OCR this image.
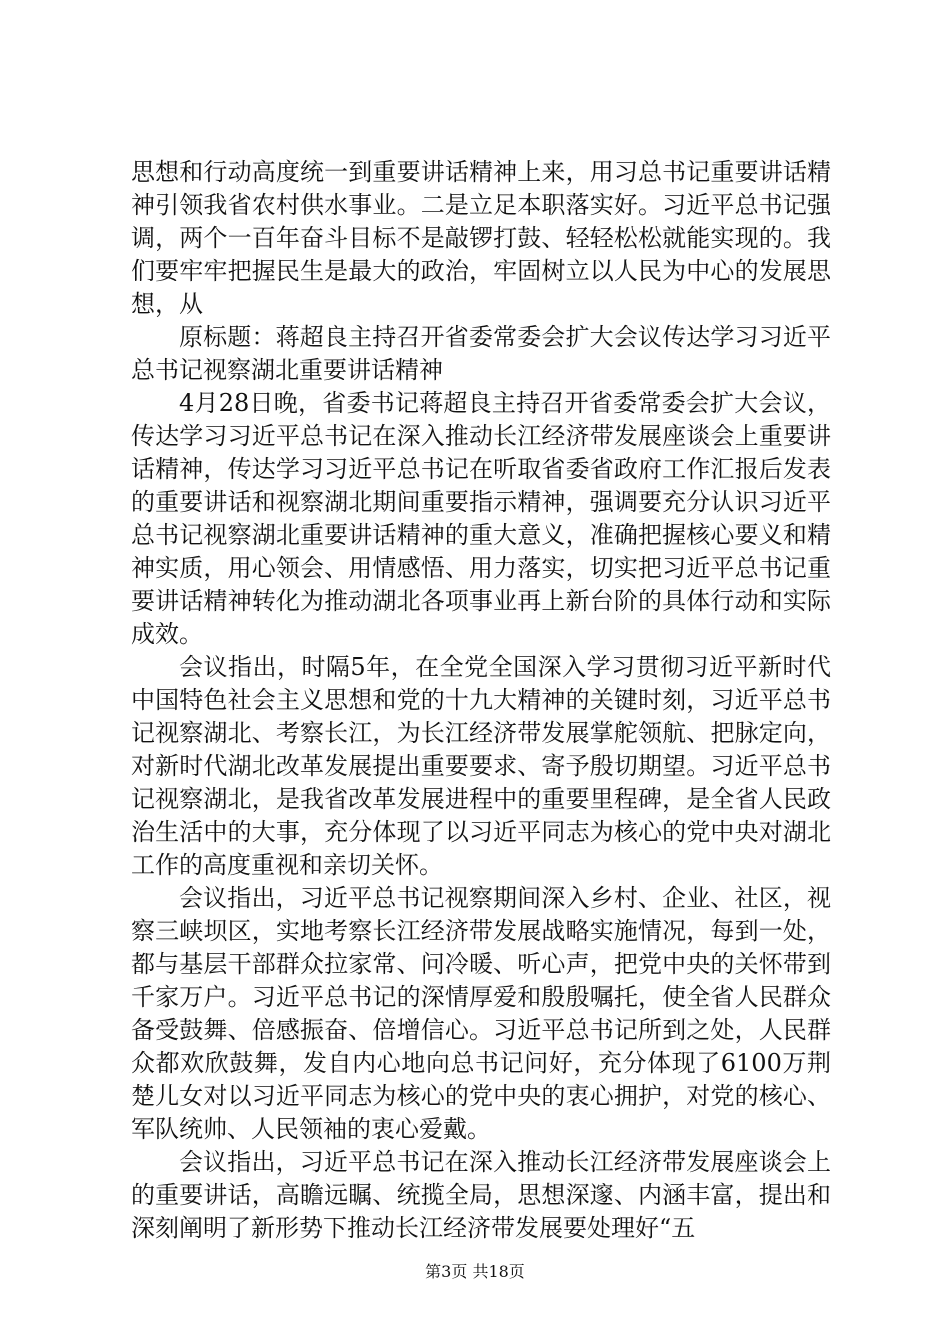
思想和行动高度统一到重要讲话精神上来，用习总书记重要讲话精神引领我省农村供水事业。二是立足本职落实好。习近平总书记强调，两个一百年奋斗目标不是敲锣打鼓、轻轻松松就能实现的。我们要牢牢把握民生是最大的政治，牢固树立以人民为中心的发展思想，从

原标题：蒋超良主持召开省委常委会扩大会议传达学习习近平总书记视察湖北重要讲话精神

4月28日晚，省委书记蒋超良主持召开省委常委会扩大会议，传达学习习近平总书记在深入推动长江经济带发展座谈会上重要讲话精神，传达学习习近平总书记在听取省委省政府工作汇报后发表的重要讲话和视察湖北期间重要指示精神，强调要充分认识习近平总书记视察湖北重要讲话精神的重大意义，准确把握核心要义和精神实质，用心领会、用情感悟、用力落实，切实把习近平总书记重要讲话精神转化为推动湖北各项事业再上新台阶的具体行动和实际成效。

会议指出，时隔5年，在全党全国深入学习贯彻习近平新时代中国特色社会主义思想和党的十九大精神的关键时刻，习近平总书记视察湖北、考察长江，为长江经济带发展掌舵领航、把脉定向，对新时代湖北改革发展提出重要要求、寄予殷切期望。习近平总书记视察湖北，是我省改革发展进程中的重要里程碑，是全省人民政治生活中的大事，充分体现了以习近平同志为核心的党中央对湖北工作的高度重视和亲切关怀。

会议指出，习近平总书记视察期间深入乡村、企业、社区，视察三峡坝区，实地考察长江经济带发展战略实施情况，每到一处，都与基层干部群众拉家常、问冷暖、听心声，把党中央的关怀带到千家万户。习近平总书记的深情厚爱和殷殷嘱托，使全省人民群众备受鼓舞、倍感振奋、倍增信心。习近平总书记所到之处，人民群众都欢欣鼓舞，发自内心地向总书记问好，充分体现了6100万荆楚儿女对以习近平同志为核心的党中央的衷心拥护，对党的核心、军队统帅、人民领袖的衷心爱戴。

会议指出，习近平总书记在深入推动长江经济带发展座谈会上的重要讲话，高瞻远瞩、统揽全局，思想深邃、内涵丰富，提出和深刻阐明了新形势下推动长江经济带发展要处理好“五

第3页 共18页
